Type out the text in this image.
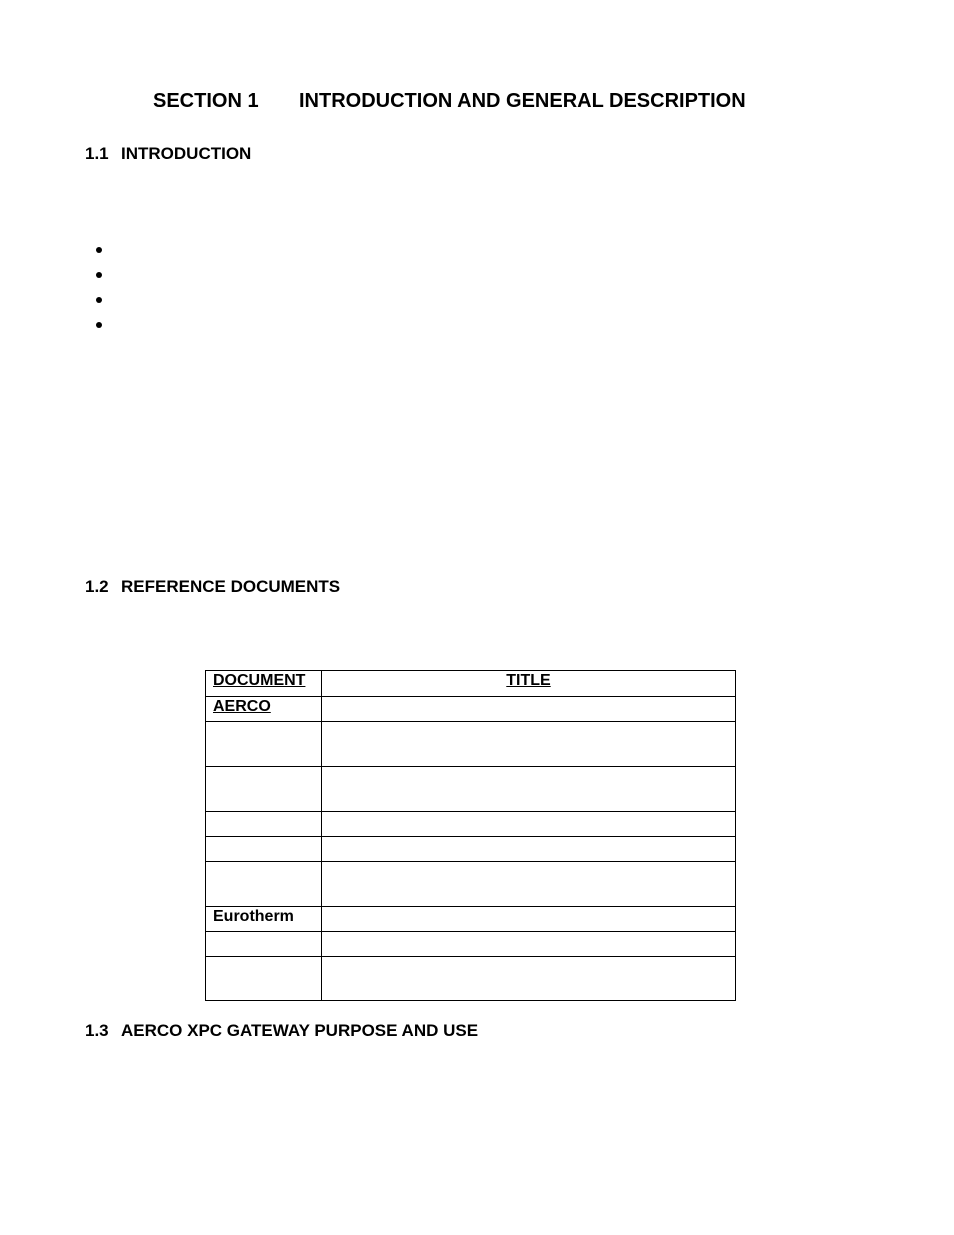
SECTION 1 INTRODUCTION AND GENERAL DESCRIPTION
1.1 INTRODUCTION
1.2 REFERENCE DOCUMENTS
DOCUMENT	TITLE
AERCO	

Eurotherm	

1.3 AERCO XPC GATEWAY PURPOSE AND USE
